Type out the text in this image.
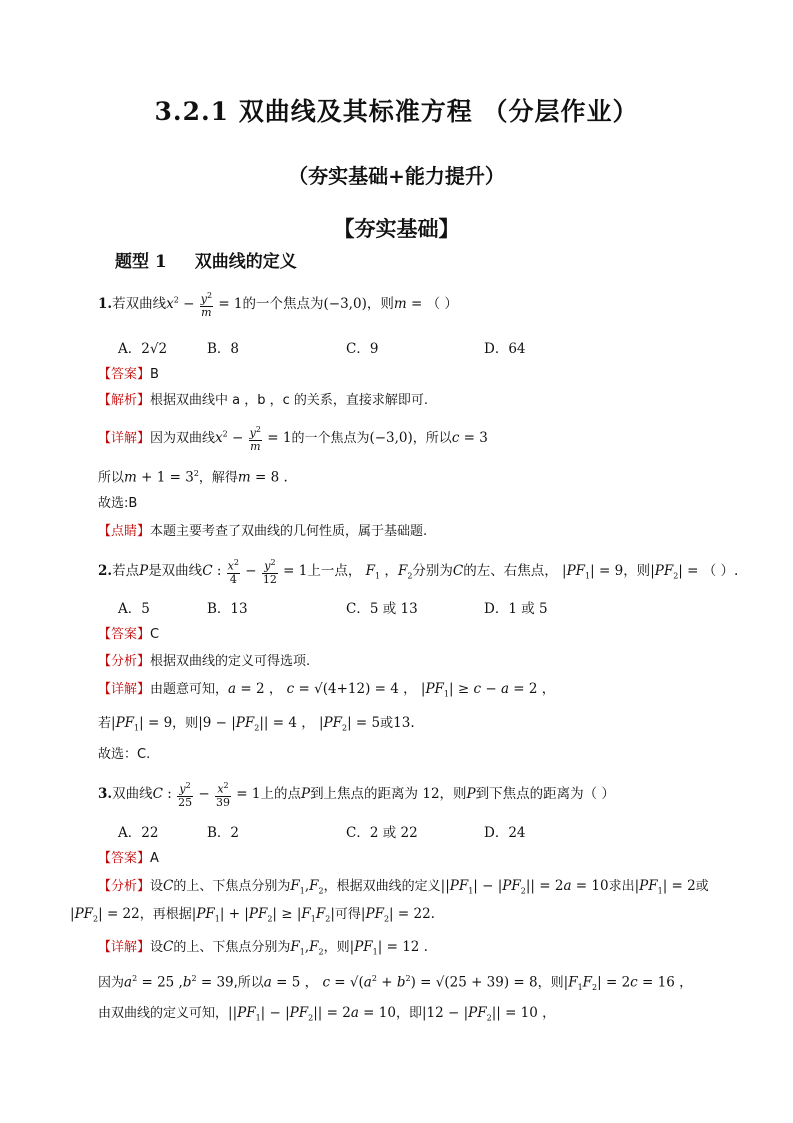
3.2.1 双曲线及其标准方程 （分层作业）
（夯实基础+能力提升）
【夯实基础】
题型 1 双曲线的定义
1.若双曲线$x^2 - \frac{y^2}{m} = 1$的一个焦点为(−3,0)，则m = （ ）
A．2√2	B．8	C．9	D．64
【答案】B
【解析】根据双曲线中 a ，b ，c 的关系，直接求解即可.
【详解】因为双曲线$x^2 - \frac{y^2}{m} = 1$的一个焦点为(−3,0)，所以c = 3
所以$m + 1 = 3^2$，解得m = 8 .
故选:B
【点睛】本题主要考查了双曲线的几何性质，属于基础题.
2.若点P是双曲线C : $\frac{x^2}{4} - \frac{y^2}{12} = 1$上一点， $F_1$ ，$F_2$分别为C的左、右焦点， $|PF_1| = 9$，则$|PF_2|$ = （ ）.
A．5	B．13	C．5 或 13	D．1 或 5
【答案】C
【分析】根据双曲线的定义可得选项.
【详解】由题意可知，a = 2 ， c = √(4+12) = 4 ， $|PF_1| \ge c - a = 2$ ，
若$|PF_1| = 9$，则$|9 - |PF_2|| = 4$ ， $|PF_2| = 5$或13.
故选：C.
3.双曲线C : $\frac{y^2}{25} - \frac{x^2}{39} = 1$上的点P到上焦点的距离为 12，则P到下焦点的距离为（ ）
A．22	B．2	C．2 或 22	D．24
【答案】A
【分析】设C的上、下焦点分别为$F_1,F_2$，根据双曲线的定义$||PF_1| - |PF_2|| = 2a = 10$求出$|PF_1| = 2$或
$|PF_2| = 22$，再根据$|PF_1| + |PF_2| \ge |F_1F_2|$可得$|PF_2| = 22$.
【详解】设C的上、下焦点分别为$F_1,F_2$，则$|PF_1| = 12$ .
因为$a^2 = 25$ $,b^2 = 39$,所以a = 5 ， $c = √(a^2 + b^2) = √(25 + 39) = 8$，则$|F_1F_2| = 2c = 16$ ，
由双曲线的定义可知，$||PF_1| - |PF_2|| = 2a = 10$，即$|12 - |PF_2|| = 10$ ，
